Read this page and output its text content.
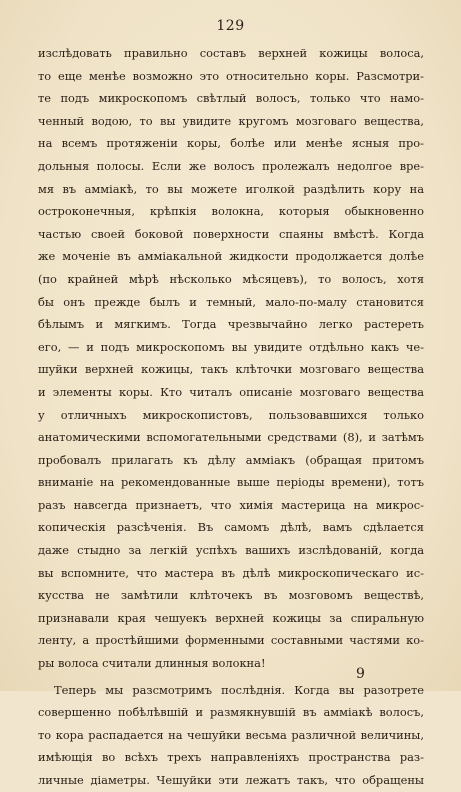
129
изслѣдовать правильно составъ верхней кожицы волоса,
то еще менѣе возможно это относительно коры. Разсмотри-
те подъ микроскопомъ свѣтлый волосъ, только что намо-
ченный водою, то вы увидите кругомъ мозговаго вещества,
на всемъ протяженіи коры, болѣе или менѣе ясныя про-
дольныя полосы. Если же волосъ пролежалъ недолгое вре-
мя въ аммiакѣ, то вы можете иголкой раздѣлить кору на
остроконечныя, крѣпкія волокна, которыя обыкновенно
частью своей боковой поверхности спаяны вмѣстѣ. Когда
же моченіе въ аммiакальной жидкости продолжается долѣе
(по крайней мѣрѣ нѣсколько мѣсяцевъ), то волосъ, хотя
бы онъ прежде былъ и темный, мало-по-малу становится
бѣлымъ и мягкимъ. Тогда чрезвычайно легко растереть
его, — и подъ микроскопомъ вы увидите отдѣльно какъ че-
шуйки верхней кожицы, такъ клѣточки мозговаго вещества
и элементы коры. Кто читалъ описаніе мозговаго вещества
у отличныхъ микроскопистовъ, пользовавшихся только
анатомическими вспомогательными средствами (8), и затѣмъ
пробовалъ прилагать къ дѣлу аммiакъ (обращая притомъ
вниманіе на рекомендованные выше періоды времени), тотъ
разъ навсегда признаетъ, что химія мастерица на микрос-
копическія разсѣченія. Въ самомъ дѣлѣ, вамъ сдѣлается
даже стыдно за легкій успѣхъ вашихъ изслѣдованій, когда
вы вспомните, что мастера въ дѣлѣ микроскопическаго ис-
кусства не замѣтили клѣточекъ въ мозговомъ веществѣ,
признавали края чешуекъ верхней кожицы за спиральную
ленту, а простѣйшими форменными составными частями ко-
ры волоса считали длинныя волокна!
Теперь мы разсмотримъ послѣднія. Когда вы разотрете
совершенно побѣлѣвшій и размякнувшій въ аммiакѣ волосъ,
то кора распадается на чешуйки весьма различной величины,
имѣющія во всѣхъ трехъ направленіяхъ пространства раз-
личные діаметры. Чешуйки эти лежатъ такъ, что обращены
9
